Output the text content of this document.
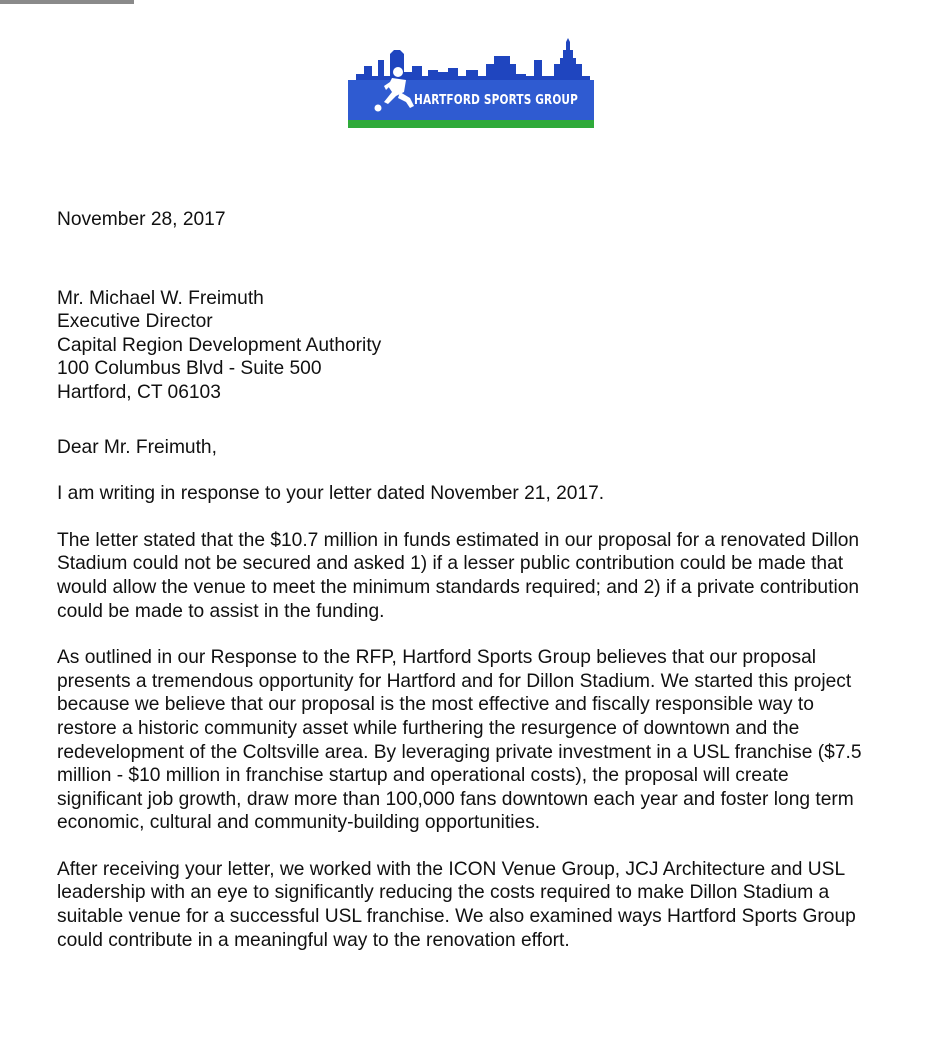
HARTFORD SPORTS GROUP

November 28, 2017

Mr. Michael W. Freimuth

Executive Director

Capital Region Development Authority

100 Columbus Blvd - Suite 500

Hartford, CT 06103

Dear Mr. Freimuth,

I am writing in response to your letter dated November 21, 2017.

The letter stated that the $10.7 million in funds estimated in our proposal for a renovated Dillon Stadium could not be secured and asked 1) if a lesser public contribution could be made that would allow the venue to meet the minimum standards required; and 2) if a private contribution could be made to assist in the funding.

As outlined in our Response to the RFP, Hartford Sports Group believes that our proposal presents a tremendous opportunity for Hartford and for Dillon Stadium. We started this project because we believe that our proposal is the most effective and fiscally responsible way to restore a historic community asset while furthering the resurgence of downtown and the redevelopment of the Coltsville area. By leveraging private investment in a USL franchise ($7.5 million - $10 million in franchise startup and operational costs), the proposal will create significant job growth, draw more than 100,000 fans downtown each year and foster long term economic, cultural and community-building opportunities.

After receiving your letter, we worked with the ICON Venue Group, JCJ Architecture and USL leadership with an eye to significantly reducing the costs required to make Dillon Stadium a suitable venue for a successful USL franchise. We also examined ways Hartford Sports Group could contribute in a meaningful way to the renovation effort.
